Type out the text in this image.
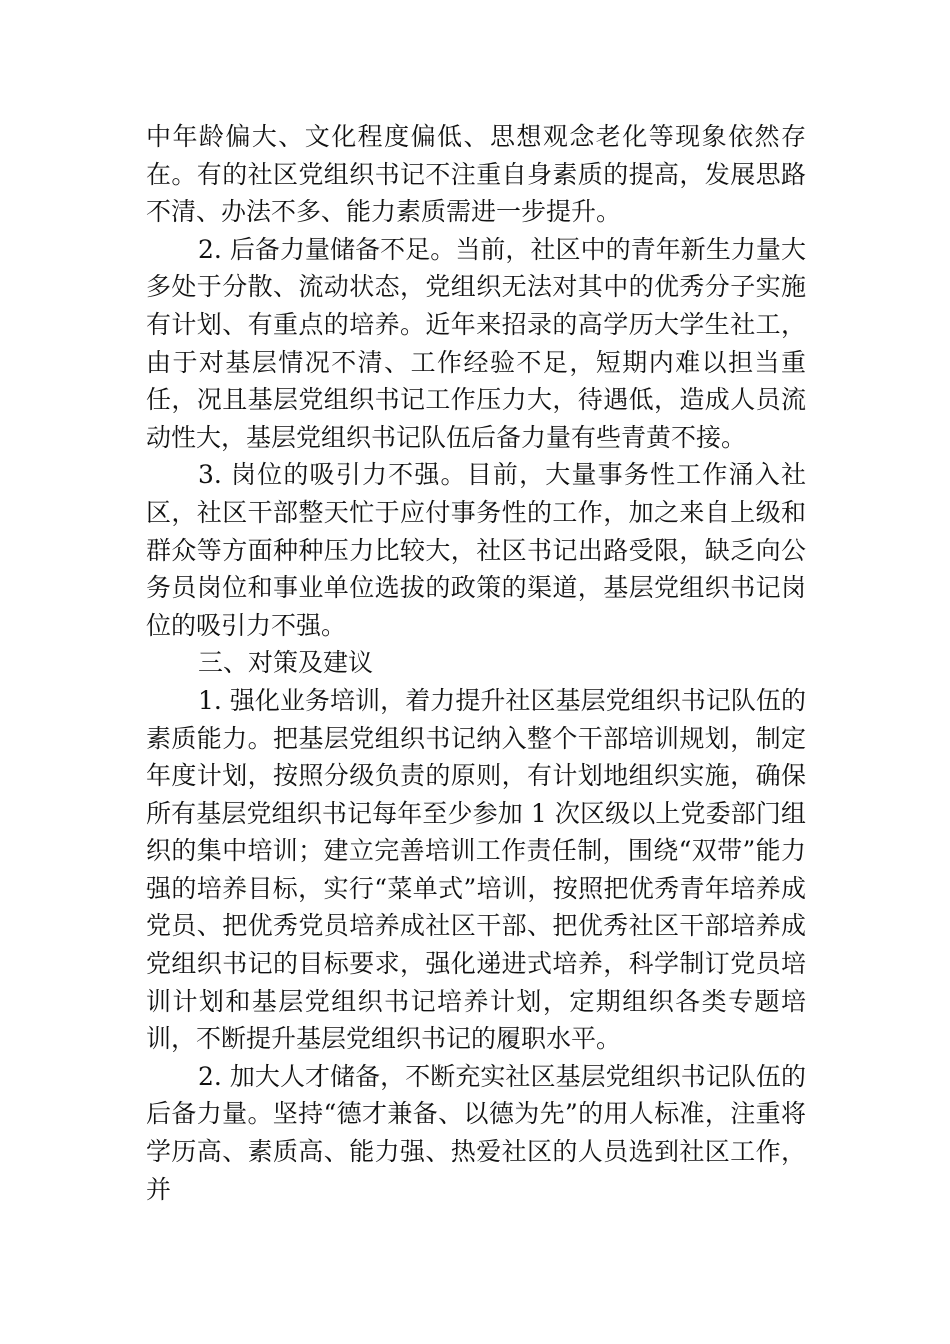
中年龄偏大、文化程度偏低、思想观念老化等现象依然存在。有的社区党组织书记不注重自身素质的提高，发展思路不清、办法不多、能力素质需进一步提升。

2. 后备力量储备不足。当前，社区中的青年新生力量大多处于分散、流动状态，党组织无法对其中的优秀分子实施有计划、有重点的培养。近年来招录的高学历大学生社工，由于对基层情况不清、工作经验不足，短期内难以担当重任，况且基层党组织书记工作压力大，待遇低，造成人员流动性大，基层党组织书记队伍后备力量有些青黄不接。

3. 岗位的吸引力不强。目前，大量事务性工作涌入社区，社区干部整天忙于应付事务性的工作，加之来自上级和群众等方面种种压力比较大，社区书记出路受限，缺乏向公务员岗位和事业单位选拔的政策的渠道，基层党组织书记岗位的吸引力不强。

三、对策及建议

1. 强化业务培训，着力提升社区基层党组织书记队伍的素质能力。把基层党组织书记纳入整个干部培训规划，制定年度计划，按照分级负责的原则，有计划地组织实施，确保所有基层党组织书记每年至少参加 1 次区级以上党委部门组织的集中培训；建立完善培训工作责任制，围绕“双带”能力强的培养目标，实行“菜单式”培训，按照把优秀青年培养成党员、把优秀党员培养成社区干部、把优秀社区干部培养成党组织书记的目标要求，强化递进式培养，科学制订党员培训计划和基层党组织书记培养计划，定期组织各类专题培训，不断提升基层党组织书记的履职水平。

2. 加大人才储备，不断充实社区基层党组织书记队伍的后备力量。坚持“德才兼备、以德为先”的用人标准，注重将学历高、素质高、能力强、热爱社区的人员选到社区工作，并
